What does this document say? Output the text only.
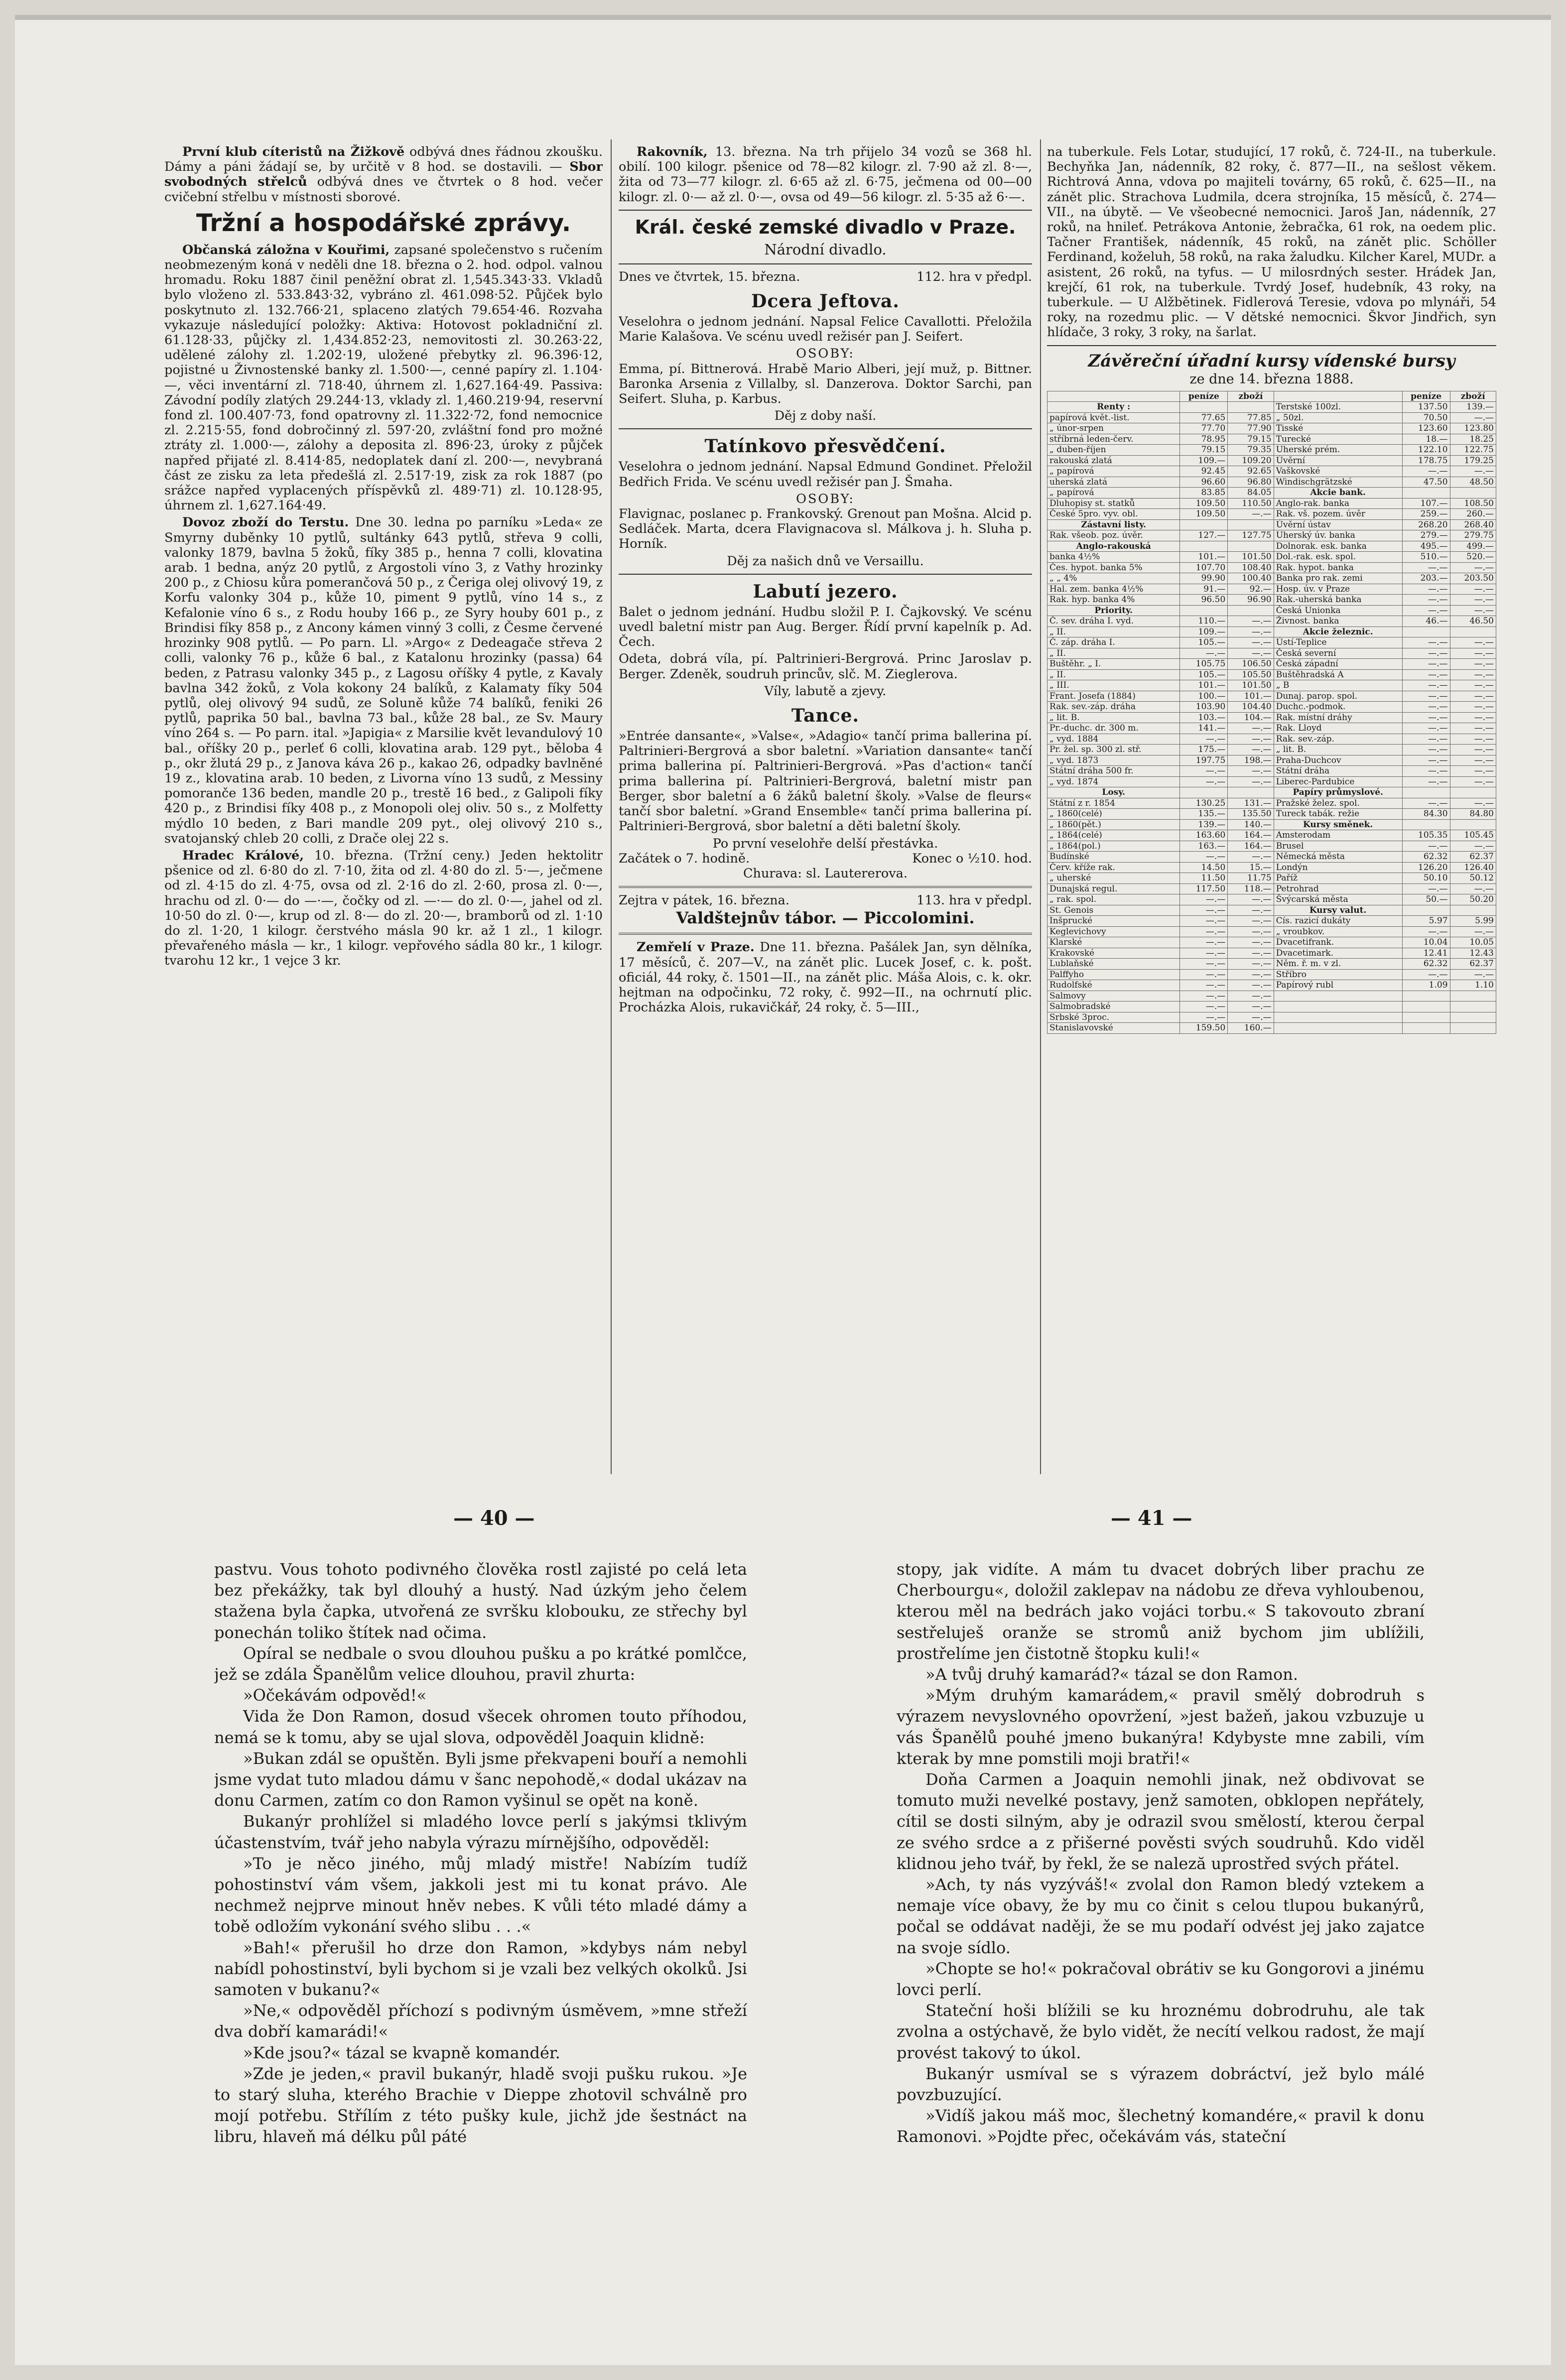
První klub cíteristů na Žižkově odbývá dnes řádnou zkoušku. Dámy a páni žádají se, by určitě v 8 hod. se dostavili. — Sbor svobodných střelců odbývá dnes ve čtvrtek o 8 hod. večer cvičební střelbu v místnosti sborové.

Tržní a hospodářské zprávy.

Občanská záložna v Kouřimi, zapsané společenstvo s ručením neobmezeným koná v neděli dne 18. března o 2. hod. odpol. valnou hromadu. Roku 1887 činil peněžní obrat zl. 1,545.343·33. Vkladů bylo vloženo zl. 533.843·32, vybráno zl. 461.098·52. Půjček bylo poskytnuto zl. 132.766·21, splaceno zlatých 79.654·46. Rozvaha vykazuje následující položky: Aktiva: Hotovost pokladniční zl. 61.128·33, půjčky zl. 1,434.852·23, nemovitosti zl. 30.263·22, udělené zálohy zl. 1.202·19, uložené přebytky zl. 96.396·12, pojistné u Živnostenské banky zl. 1.500·—, cenné papíry zl. 1.104·—, věci inventární zl. 718·40, úhrnem zl. 1,627.164·49. Passiva: Závodní podíly zlatých 29.244·13, vklady zl. 1,460.219·94, reservní fond zl. 100.407·73, fond opatrovny zl. 11.322·72, fond nemocnice zl. 2.215·55, fond dobročinný zl. 597·20, zvláštní fond pro možné ztráty zl. 1.000·—, zálohy a deposita zl. 896·23, úroky z půjček napřed přijaté zl. 8.414·85, nedoplatek daní zl. 200·—, nevybraná část ze zisku za leta předešlá zl. 2.517·19, zisk za rok 1887 (po srážce napřed vyplacených příspěvků zl. 489·71) zl. 10.128·95, úhrnem zl. 1,627.164·49.

Dovoz zboží do Terstu. Dne 30. ledna po parníku »Leda« ze Smyrny duběnky 10 pytlů, sultánky 643 pytlů, střeva 9 colli, valonky 1879, bavlna 5 žoků, fíky 385 p., henna 7 colli, klovatina arab. 1 bedna, anýz 20 pytlů, z Argostoli víno 3, z Vathy hrozinky 200 p., z Chiosu kůra pomerančová 50 p., z Čeriga olej olivový 19, z Korfu valonky 304 p., kůže 10, piment 9 pytlů, víno 14 s., z Kefalonie víno 6 s., z Rodu houby 166 p., ze Syry houby 601 p., z Brindisi fíky 858 p., z Ancony kámen vinný 3 colli, z Česme červené hrozinky 908 pytlů. — Po parn. Ll. »Argo« z Dedeagače střeva 2 colli, valonky 76 p., kůže 6 bal., z Katalonu hrozinky (passa) 64 beden, z Patrasu valonky 345 p., z Lagosu oříšky 4 pytle, z Kavaly bavlna 342 žoků, z Vola kokony 24 balíků, z Kalamaty fíky 504 pytlů, olej olivový 94 sudů, ze Soluně kůže 74 balíků, feniki 26 pytlů, paprika 50 bal., bavlna 73 bal., kůže 28 bal., ze Sv. Maury víno 264 s. — Po parn. ital. »Japigia« z Marsilie květ levandulový 10 bal., oříšky 20 p., perleť 6 colli, klovatina arab. 129 pyt., běloba 4 p., okr žlutá 29 p., z Janova káva 26 p., kakao 26, odpadky bavlněné 19 z., klovatina arab. 10 beden, z Livorna víno 13 sudů, z Messiny pomoranče 136 beden, mandle 20 p., trestě 16 bed., z Galipoli fíky 420 p., z Brindisi fíky 408 p., z Monopoli olej oliv. 50 s., z Molfetty mýdlo 10 beden, z Bari mandle 209 pyt., olej olivový 210 s., svatojanský chleb 20 colli, z Drače olej 22 s.

Hradec Králové, 10. března. (Tržní ceny.) Jeden hektolitr pšenice od zl. 6·80 do zl. 7·10, žita od zl. 4·80 do zl. 5·—, ječmene od zl. 4·15 do zl. 4·75, ovsa od zl. 2·16 do zl. 2·60, prosa zl. 0·—, hrachu od zl. 0·— do —·—, čočky od zl. —·— do zl. 0·—, jahel od zl. 10·50 do zl. 0·—, krup od zl. 8·— do zl. 20·—, bramborů od zl. 1·10 do zl. 1·20, 1 kilogr. čerstvého másla 90 kr. až 1 zl., 1 kilogr. převařeného másla — kr., 1 kilogr. vepřového sádla 80 kr., 1 kilogr. tvarohu 12 kr., 1 vejce 3 kr.

Rakovník, 13. března. Na trh přijelo 34 vozů se 368 hl. obilí. 100 kilogr. pšenice od 78—82 kilogr. zl. 7·90 až zl. 8·—, žita od 73—77 kilogr. zl. 6·65 až zl. 6·75, ječmena od 00—00 kilogr. zl. 0·— až zl. 0·—, ovsa od 49—56 kilogr. zl. 5·35 až 6·—.

Král. české zemské divadlo v Praze.
Národní divadlo.
Dnes ve čtvrtek, 15. března.	112. hra v předpl.
Dcera Jeftova.

Veselohra o jednom jednání. Napsal Felice Cavallotti. Přeložila Marie Kalašova. Ve scénu uvedl režisér pan J. Seifert.

OSOBY:

Emma, pí. Bittnerová. Hrabě Mario Alberi, její muž, p. Bittner. Baronka Arsenia z Villalby, sl. Danzerova. Doktor Sarchi, pan Seifert. Sluha, p. Karbus.

Děj z doby naší.
Tatínkovo přesvědčení.

Veselohra o jednom jednání. Napsal Edmund Gondinet. Přeložil Bedřich Frida. Ve scénu uvedl režisér pan J. Šmaha.

OSOBY:

Flavignac, poslanec p. Frankovský. Grenout pan Mošna. Alcid p. Sedláček. Marta, dcera Flavignacova sl. Málkova j. h. Sluha p. Horník.

Děj za našich dnů ve Versaillu.
Labutí jezero.

Balet o jednom jednání. Hudbu složil P. I. Čajkovský. Ve scénu uvedl baletní mistr pan Aug. Berger. Řídí první kapelník p. Ad. Čech.

Odeta, dobrá víla, pí. Paltrinieri-Bergrová. Princ Jaroslav p. Berger. Zdeněk, soudruh princův, slč. M. Zieglerova.

Víly, labutě a zjevy.
Tance.

»Entrée dansante«, »Valse«, »Adagio« tančí prima ballerina pí. Paltrinieri-Bergrová a sbor baletní. »Variation dansante« tančí prima ballerina pí. Paltrinieri-Bergrová. »Pas d'action« tančí prima ballerina pí. Paltrinieri-Bergrová, baletní mistr pan Berger, sbor baletní a 6 žáků baletní školy. »Valse de fleurs« tančí sbor baletní. »Grand Ensemble« tančí prima ballerina pí. Paltrinieri-Bergrová, sbor baletní a děti baletní školy.

Po první veselohře delší přestávka.
Začátek o 7. hodině.	Konec o ½10. hod.
Churava: sl. Lautererova.
Zejtra v pátek, 16. března.	113. hra v předpl.
Valdštejnův tábor. — Piccolomini.

Zemřelí v Praze. Dne 11. března. Pašálek Jan, syn dělníka, 17 měsíců, č. 207—V., na zánět plic. Lucek Josef, c. k. pošt. oficiál, 44 roky, č. 1501—II., na zánět plic. Máša Alois, c. k. okr. hejtman na odpočinku, 72 roky, č. 992—II., na ochrnutí plic. Procházka Alois, rukavičkář, 24 roky, č. 5—III.,

na tuberkule. Fels Lotar, studující, 17 roků, č. 724-II., na tuberkule. Bechyňka Jan, nádenník, 82 roky, č. 877—II., na sešlost věkem. Richtrová Anna, vdova po majiteli továrny, 65 roků, č. 625—II., na zánět plic. Strachova Ludmila, dcera strojníka, 15 měsíců, č. 274—VII., na úbytě. — Ve všeobecné nemocnici. Jaroš Jan, nádenník, 27 roků, na hnileť. Petrákova Antonie, žebračka, 61 rok, na oedem plic. Tačner František, nádenník, 45 roků, na zánět plic. Schöller Ferdinand, koželuh, 58 roků, na raka žaludku. Kilcher Karel, MUDr. a asistent, 26 roků, na tyfus. — U milosrdných sester. Hrádek Jan, krejčí, 61 rok, na tuberkule. Tvrdý Josef, hudebník, 43 roky, na tuberkule. — U Alžbětinek. Fidlerová Teresie, vdova po mlynáři, 54 roky, na rozedmu plic. — V dětské nemocnici. Škvor Jindřich, syn hlídače, 3 roky, 3 roky, na šarlat.

Závěreční úřadní kursy vídenské bursy
ze dne 14. března 1888.
	peníze	zboží		peníze	zboží
Renty :			Terstské 100zl.	137.50	139.—
papírová květ.-list.	77.65	77.85	„ 50zl.	70.50	—.—
„ únor-srpen	77.70	77.90	Tisské	123.60	123.80
stříbrná leden-červ.	78.95	79.15	Turecké	18.—	18.25
„ duben-říjen	79.15	79.35	Uherské prém.	122.10	122.75
rakouská zlatá	109.—	109.20	Úvěrní	178.75	179.25
„ papírová	92.45	92.65	Vaškovské	—.—	—.—
uherská zlatá	96.60	96.80	Windischgrätzské	47.50	48.50
„ papírová	83.85	84.05	Akcie bank.		
Dluhopisy st. statků	109.50	110.50	Anglo-rak. banka	107.—	108.50
České 5pro. vyv. obl.	109.50	—.—	Rak. vš. pozem. úvěr	259.—	260.—
Zástavní listy.			Úvěrní ústav	268.20	268.40
Rak. všeob. poz. úvěr.	127.—	127.75	Uherský úv. banka	279.—	279.75
Anglo-rakouská			Dolnorak. esk. banka	495.—	499.—
banka 4½%	101.—	101.50	Dol.-rak. esk. spol.	510.—	520.—
Čes. hypot. banka 5%	107.70	108.40	Rak. hypot. banka	—.—	—.—
„ „ 4%	99.90	100.40	Banka pro rak. zemi	203.—	203.50
Hal. zem. banka 4½%	91.—	92.—	Hosp. úv. v Praze	—.—	—.—
Rak. hyp. banka 4%	96.50	96.90	Rak.-uherská banka	—.—	—.—
Priority.			Česká Unionka	—.—	—.—
Č. sev. dráha I. vyd.	110.—	—.—	Živnost. banka	46.—	46.50
„ II.	109.—	—.—	Akcie železnic.		
Č. záp. dráha I.	105.—	—.—	Ústí-Teplice	—.—	—.—
„ II.	—.—	—.—	Česká severní	—.—	—.—
Buštěhr. „ I.	105.75	106.50	Česká západní	—.—	—.—
„ II.	105.—	105.50	Buštěhradská A	—.—	—.—
„ III.	101.—	101.50	„ B	—.—	—.—
Frant. Josefa (1884)	100.—	101.—	Dunaj. parop. spol.	—.—	—.—
Rak. sev.-záp. dráha	103.90	104.40	Duchc.-podmok.	—.—	—.—
„ lit. B.	103.—	104.—	Rak. místní dráhy	—.—	—.—
Pr.-duchc. dr. 300 m.	141.—	—.—	Rak. Lloyd	—.—	—.—
„ vyd. 1884	—.—	—.—	Rak. sev.-záp.	—.—	—.—
Pr. žel. sp. 300 zl. stř.	175.—	—.—	„ lit. B.	—.—	—.—
„ vyd. 1873	197.75	198.—	Praha-Duchcov	—.—	—.—
Státní dráha 500 fr.	—.—	—.—	Státní dráha	—.—	—.—
„ vyd. 1874	—.—	—.—	Liberec-Pardubice	—.—	—.—
Losy.			Papíry průmyslové.		
Státní z r. 1854	130.25	131.—	Pražské želez. spol.	—.—	—.—
„ 1860(celé)	135.—	135.50	Tureck tabák. režie	84.30	84.80
„ 1860(pět.)	139.—	140.—	Kursy směnek.		
„ 1864(celé)	163.60	164.—	Amsterodam	105.35	105.45
„ 1864(pol.)	163.—	164.—	Brusel	—.—	—.—
Budínské	—.—	—.—	Německá města	62.32	62.37
Červ. kříže rak.	14.50	15.—	Londýn	126.20	126.40
„ uherské	11.50	11.75	Paříž	50.10	50.12
Dunajská regul.	117.50	118.—	Petrohrad	—.—	—.—
„ rak. spol.	—.—	—.—	Švýcarská města	50.—	50.20
St. Genois	—.—	—.—	Kursy valut.		
Inšprucké	—.—	—.—	Cís. razicí dukáty	5.97	5.99
Keglevichovy	—.—	—.—	„ vroubkov.	—.—	—.—
Klarské	—.—	—.—	Dvacetifrank.	10.04	10.05
Krakovské	—.—	—.—	Dvacetimark.	12.41	12.43
Lublaňské	—.—	—.—	Něm. ř. m. v zl.	62.32	62.37
Palffyho	—.—	—.—	Stříbro	—.—	—.—
Rudolfské	—.—	—.—	Papírový rubl	1.09	1.10
Salmovy	—.—	—.—			
Salmobradské	—.—	—.—			
Srbské 3proc.	—.—	—.—			
Stanislavovské	159.50	160.—			
— 40 —	— 41 —

pastvu. Vous tohoto podivného člověka rostl zajisté po celá leta bez překážky, tak byl dlouhý a hustý. Nad úzkým jeho čelem stažena byla čapka, utvořená ze svršku klobouku, ze střechy byl ponechán toliko štítek nad očima.

Opíral se nedbale o svou dlouhou pušku a po krátké pomlčce, jež se zdála Španělům velice dlouhou, pravil zhurta:

»Očekávám odpověd!«

Vida že Don Ramon, dosud všecek ohromen touto příhodou, nemá se k tomu, aby se ujal slova, odpověděl Joaquin klidně:

»Bukan zdál se opuštěn. Byli jsme překvapeni bouří a nemohli jsme vydat tuto mladou dámu v šanc nepohodě,« dodal ukázav na donu Carmen, zatím co don Ramon vyšinul se opět na koně.

Bukanýr prohlížel si mladého lovce perlí s jakýmsi tklivým účastenstvím, tvář jeho nabyla výrazu mírnějšího, odpověděl:

»To je něco jiného, můj mladý mistře! Nabízím tudíž pohostinství vám všem, jakkoli jest mi tu konat právo. Ale nechmež nejprve minout hněv nebes. K vůli této mladé dámy a tobě odložím vykonání svého slibu . . .«

»Bah!« přerušil ho drze don Ramon, »kdybys nám nebyl nabídl pohostinství, byli bychom si je vzali bez velkých okolků. Jsi samoten v bukanu?«

»Ne,« odpověděl příchozí s podivným úsměvem, »mne střeží dva dobří kamarádi!«

»Kde jsou?« tázal se kvapně komandér.

»Zde je jeden,« pravil bukanýr, hladě svoji pušku rukou. »Je to starý sluha, kterého Brachie v Dieppe zhotovil schválně pro mojí potřebu. Střílím z této pušky kule, jichž jde šestnáct na libru, hlaveň má délku půl páté

stopy, jak vidíte. A mám tu dvacet dobrých liber prachu ze Cherbourgu«, doložil zaklepav na nádobu ze dřeva vyhloubenou, kterou měl na bedrách jako vojáci torbu.« S takovouto zbraní sestřeluješ oranže se stromů aniž bychom jim ublížili, prostřelíme jen čistotně štopku kuli!«

»A tvůj druhý kamarád?« tázal se don Ramon.

»Mým druhým kamarádem,« pravil smělý dobrodruh s výrazem nevyslovného opovržení, »jest bažeň, jakou vzbuzuje u vás Španělů pouhé jmeno bukanýra! Kdybyste mne zabili, vím kterak by mne pomstili moji bratři!«

Doňa Carmen a Joaquin nemohli jinak, než obdivovat se tomuto muži nevelké postavy, jenž samoten, obklopen nepřátely, cítil se dosti silným, aby je odrazil svou smělostí, kterou čerpal ze svého srdce a z přišerné pověsti svých soudruhů. Kdo viděl klidnou jeho tvář, by řekl, že se naleză uprostřed svých přátel.

»Ach, ty nás vyzýváš!« zvolal don Ramon bledý vztekem a nemaje více obavy, že by mu co činit s celou tlupou bukanýrů, počal se oddávat naději, že se mu podaří odvést jej jako zajatce na svoje sídlo.

»Chopte se ho!« pokračoval obrátiv se ku Gongorovi a jinému lovci perlí.

Stateční hoši blížili se ku hroznému dobrodruhu, ale tak zvolna a ostýchavě, že bylo vidět, že necítí velkou radost, že mají provést takový to úkol.

Bukanýr usmíval se s výrazem dobráctví, jež bylo málé povzbuzující.

»Vidíš jakou máš moc, šlechetný komandére,« pravil k donu Ramonovi. »Pojdte přec, očekávám vás, stateční
